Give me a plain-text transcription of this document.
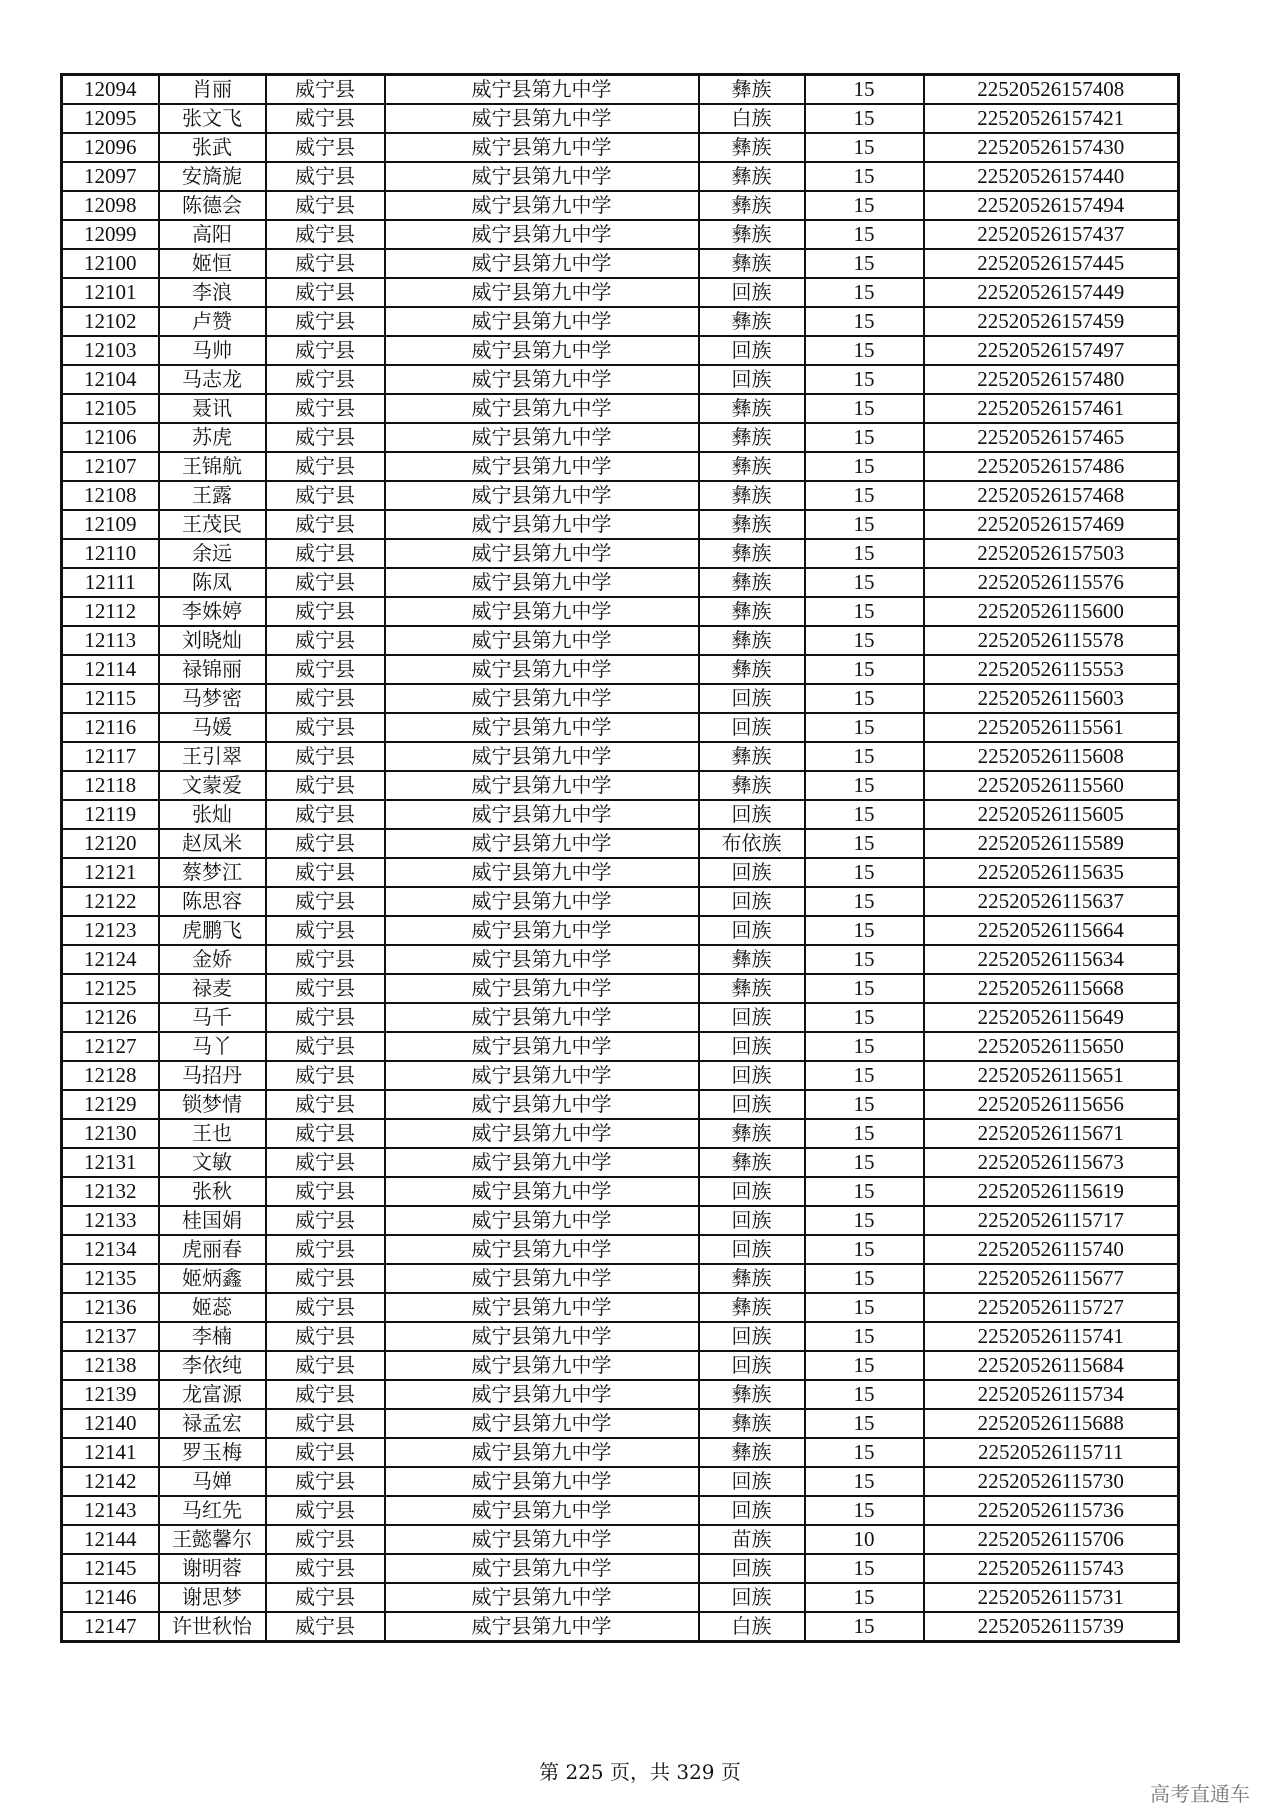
12094	肖丽	威宁县	威宁县第九中学	彝族	15	22520526157408
12095	张文飞	威宁县	威宁县第九中学	白族	15	22520526157421
12096	张武	威宁县	威宁县第九中学	彝族	15	22520526157430
12097	安旖旎	威宁县	威宁县第九中学	彝族	15	22520526157440
12098	陈德会	威宁县	威宁县第九中学	彝族	15	22520526157494
12099	高阳	威宁县	威宁县第九中学	彝族	15	22520526157437
12100	姬恒	威宁县	威宁县第九中学	彝族	15	22520526157445
12101	李浪	威宁县	威宁县第九中学	回族	15	22520526157449
12102	卢赞	威宁县	威宁县第九中学	彝族	15	22520526157459
12103	马帅	威宁县	威宁县第九中学	回族	15	22520526157497
12104	马志龙	威宁县	威宁县第九中学	回族	15	22520526157480
12105	聂讯	威宁县	威宁县第九中学	彝族	15	22520526157461
12106	苏虎	威宁县	威宁县第九中学	彝族	15	22520526157465
12107	王锦航	威宁县	威宁县第九中学	彝族	15	22520526157486
12108	王露	威宁县	威宁县第九中学	彝族	15	22520526157468
12109	王茂民	威宁县	威宁县第九中学	彝族	15	22520526157469
12110	余远	威宁县	威宁县第九中学	彝族	15	22520526157503
12111	陈凤	威宁县	威宁县第九中学	彝族	15	22520526115576
12112	李姝婷	威宁县	威宁县第九中学	彝族	15	22520526115600
12113	刘晓灿	威宁县	威宁县第九中学	彝族	15	22520526115578
12114	禄锦丽	威宁县	威宁县第九中学	彝族	15	22520526115553
12115	马梦密	威宁县	威宁县第九中学	回族	15	22520526115603
12116	马媛	威宁县	威宁县第九中学	回族	15	22520526115561
12117	王引翠	威宁县	威宁县第九中学	彝族	15	22520526115608
12118	文蒙爱	威宁县	威宁县第九中学	彝族	15	22520526115560
12119	张灿	威宁县	威宁县第九中学	回族	15	22520526115605
12120	赵凤米	威宁县	威宁县第九中学	布依族	15	22520526115589
12121	蔡梦江	威宁县	威宁县第九中学	回族	15	22520526115635
12122	陈思容	威宁县	威宁县第九中学	回族	15	22520526115637
12123	虎鹏飞	威宁县	威宁县第九中学	回族	15	22520526115664
12124	金娇	威宁县	威宁县第九中学	彝族	15	22520526115634
12125	禄麦	威宁县	威宁县第九中学	彝族	15	22520526115668
12126	马千	威宁县	威宁县第九中学	回族	15	22520526115649
12127	马丫	威宁县	威宁县第九中学	回族	15	22520526115650
12128	马招丹	威宁县	威宁县第九中学	回族	15	22520526115651
12129	锁梦情	威宁县	威宁县第九中学	回族	15	22520526115656
12130	王也	威宁县	威宁县第九中学	彝族	15	22520526115671
12131	文敏	威宁县	威宁县第九中学	彝族	15	22520526115673
12132	张秋	威宁县	威宁县第九中学	回族	15	22520526115619
12133	桂国娟	威宁县	威宁县第九中学	回族	15	22520526115717
12134	虎丽春	威宁县	威宁县第九中学	回族	15	22520526115740
12135	姬炳鑫	威宁县	威宁县第九中学	彝族	15	22520526115677
12136	姬蕊	威宁县	威宁县第九中学	彝族	15	22520526115727
12137	李楠	威宁县	威宁县第九中学	回族	15	22520526115741
12138	李依纯	威宁县	威宁县第九中学	回族	15	22520526115684
12139	龙富源	威宁县	威宁县第九中学	彝族	15	22520526115734
12140	禄孟宏	威宁县	威宁县第九中学	彝族	15	22520526115688
12141	罗玉梅	威宁县	威宁县第九中学	彝族	15	22520526115711
12142	马婵	威宁县	威宁县第九中学	回族	15	22520526115730
12143	马红先	威宁县	威宁县第九中学	回族	15	22520526115736
12144	王懿馨尔	威宁县	威宁县第九中学	苗族	10	22520526115706
12145	谢明蓉	威宁县	威宁县第九中学	回族	15	22520526115743
12146	谢思梦	威宁县	威宁县第九中学	回族	15	22520526115731
12147	许世秋怡	威宁县	威宁县第九中学	白族	15	22520526115739
第 225 页，共 329 页
高考直通车
